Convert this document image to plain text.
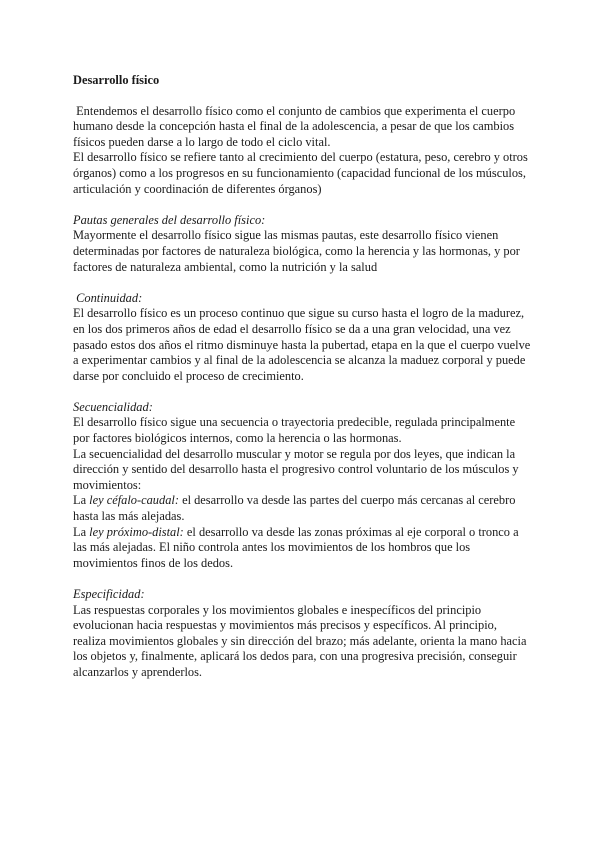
Desarrollo físico

Entendemos el desarrollo físico como el conjunto de cambios que experimenta el cuerpo humano desde la concepción hasta el final de la adolescencia, a pesar de que los cambios físicos pueden darse a lo largo de todo el ciclo vital.

El desarrollo físico se refiere tanto al crecimiento del cuerpo (estatura, peso, cerebro y otros órganos) como a los progresos en su funcionamiento (capacidad funcional de los músculos, articulación y coordinación de diferentes órganos)

Pautas generales del desarrollo físico:

Mayormente el desarrollo físico sigue las mismas pautas, este desarrollo físico vienen determinadas por factores de naturaleza biológica, como la herencia y las hormonas, y por factores de naturaleza ambiental, como la nutrición y la salud

Continuidad:

El desarrollo físico es un proceso continuo que sigue su curso hasta el logro de la madurez, en los dos primeros años de edad el desarrollo físico se da a una gran velocidad, una vez pasado estos dos años el ritmo disminuye hasta la pubertad, etapa en la que el cuerpo vuelve a experimentar cambios y al final de la adolescencia se alcanza la maduez corporal y puede darse por concluido el proceso de crecimiento.

Secuencialidad:

El desarrollo físico sigue una secuencia o trayectoria predecible, regulada principalmente por factores biológicos internos, como la herencia o las hormonas.

La secuencialidad del desarrollo muscular y motor se regula por dos leyes, que indican la dirección y sentido del desarrollo hasta el progresivo control voluntario de los músculos y movimientos:

La ley céfalo-caudal: el desarrollo va desde las partes del cuerpo más cercanas al cerebro hasta las más alejadas.

La ley próximo-distal: el desarrollo va desde las zonas próximas al eje corporal o tronco a las más alejadas. El niño controla antes los movimientos de los hombros que los movimientos finos de los dedos.

Especificidad:

Las respuestas corporales y los movimientos globales e inespecíficos del principio evolucionan hacia respuestas y movimientos más precisos y específicos. Al principio, realiza movimientos globales y sin dirección del brazo; más adelante, orienta la mano hacia los objetos y, finalmente, aplicará los dedos para, con una progresiva precisión, conseguir alcanzarlos y aprenderlos.
